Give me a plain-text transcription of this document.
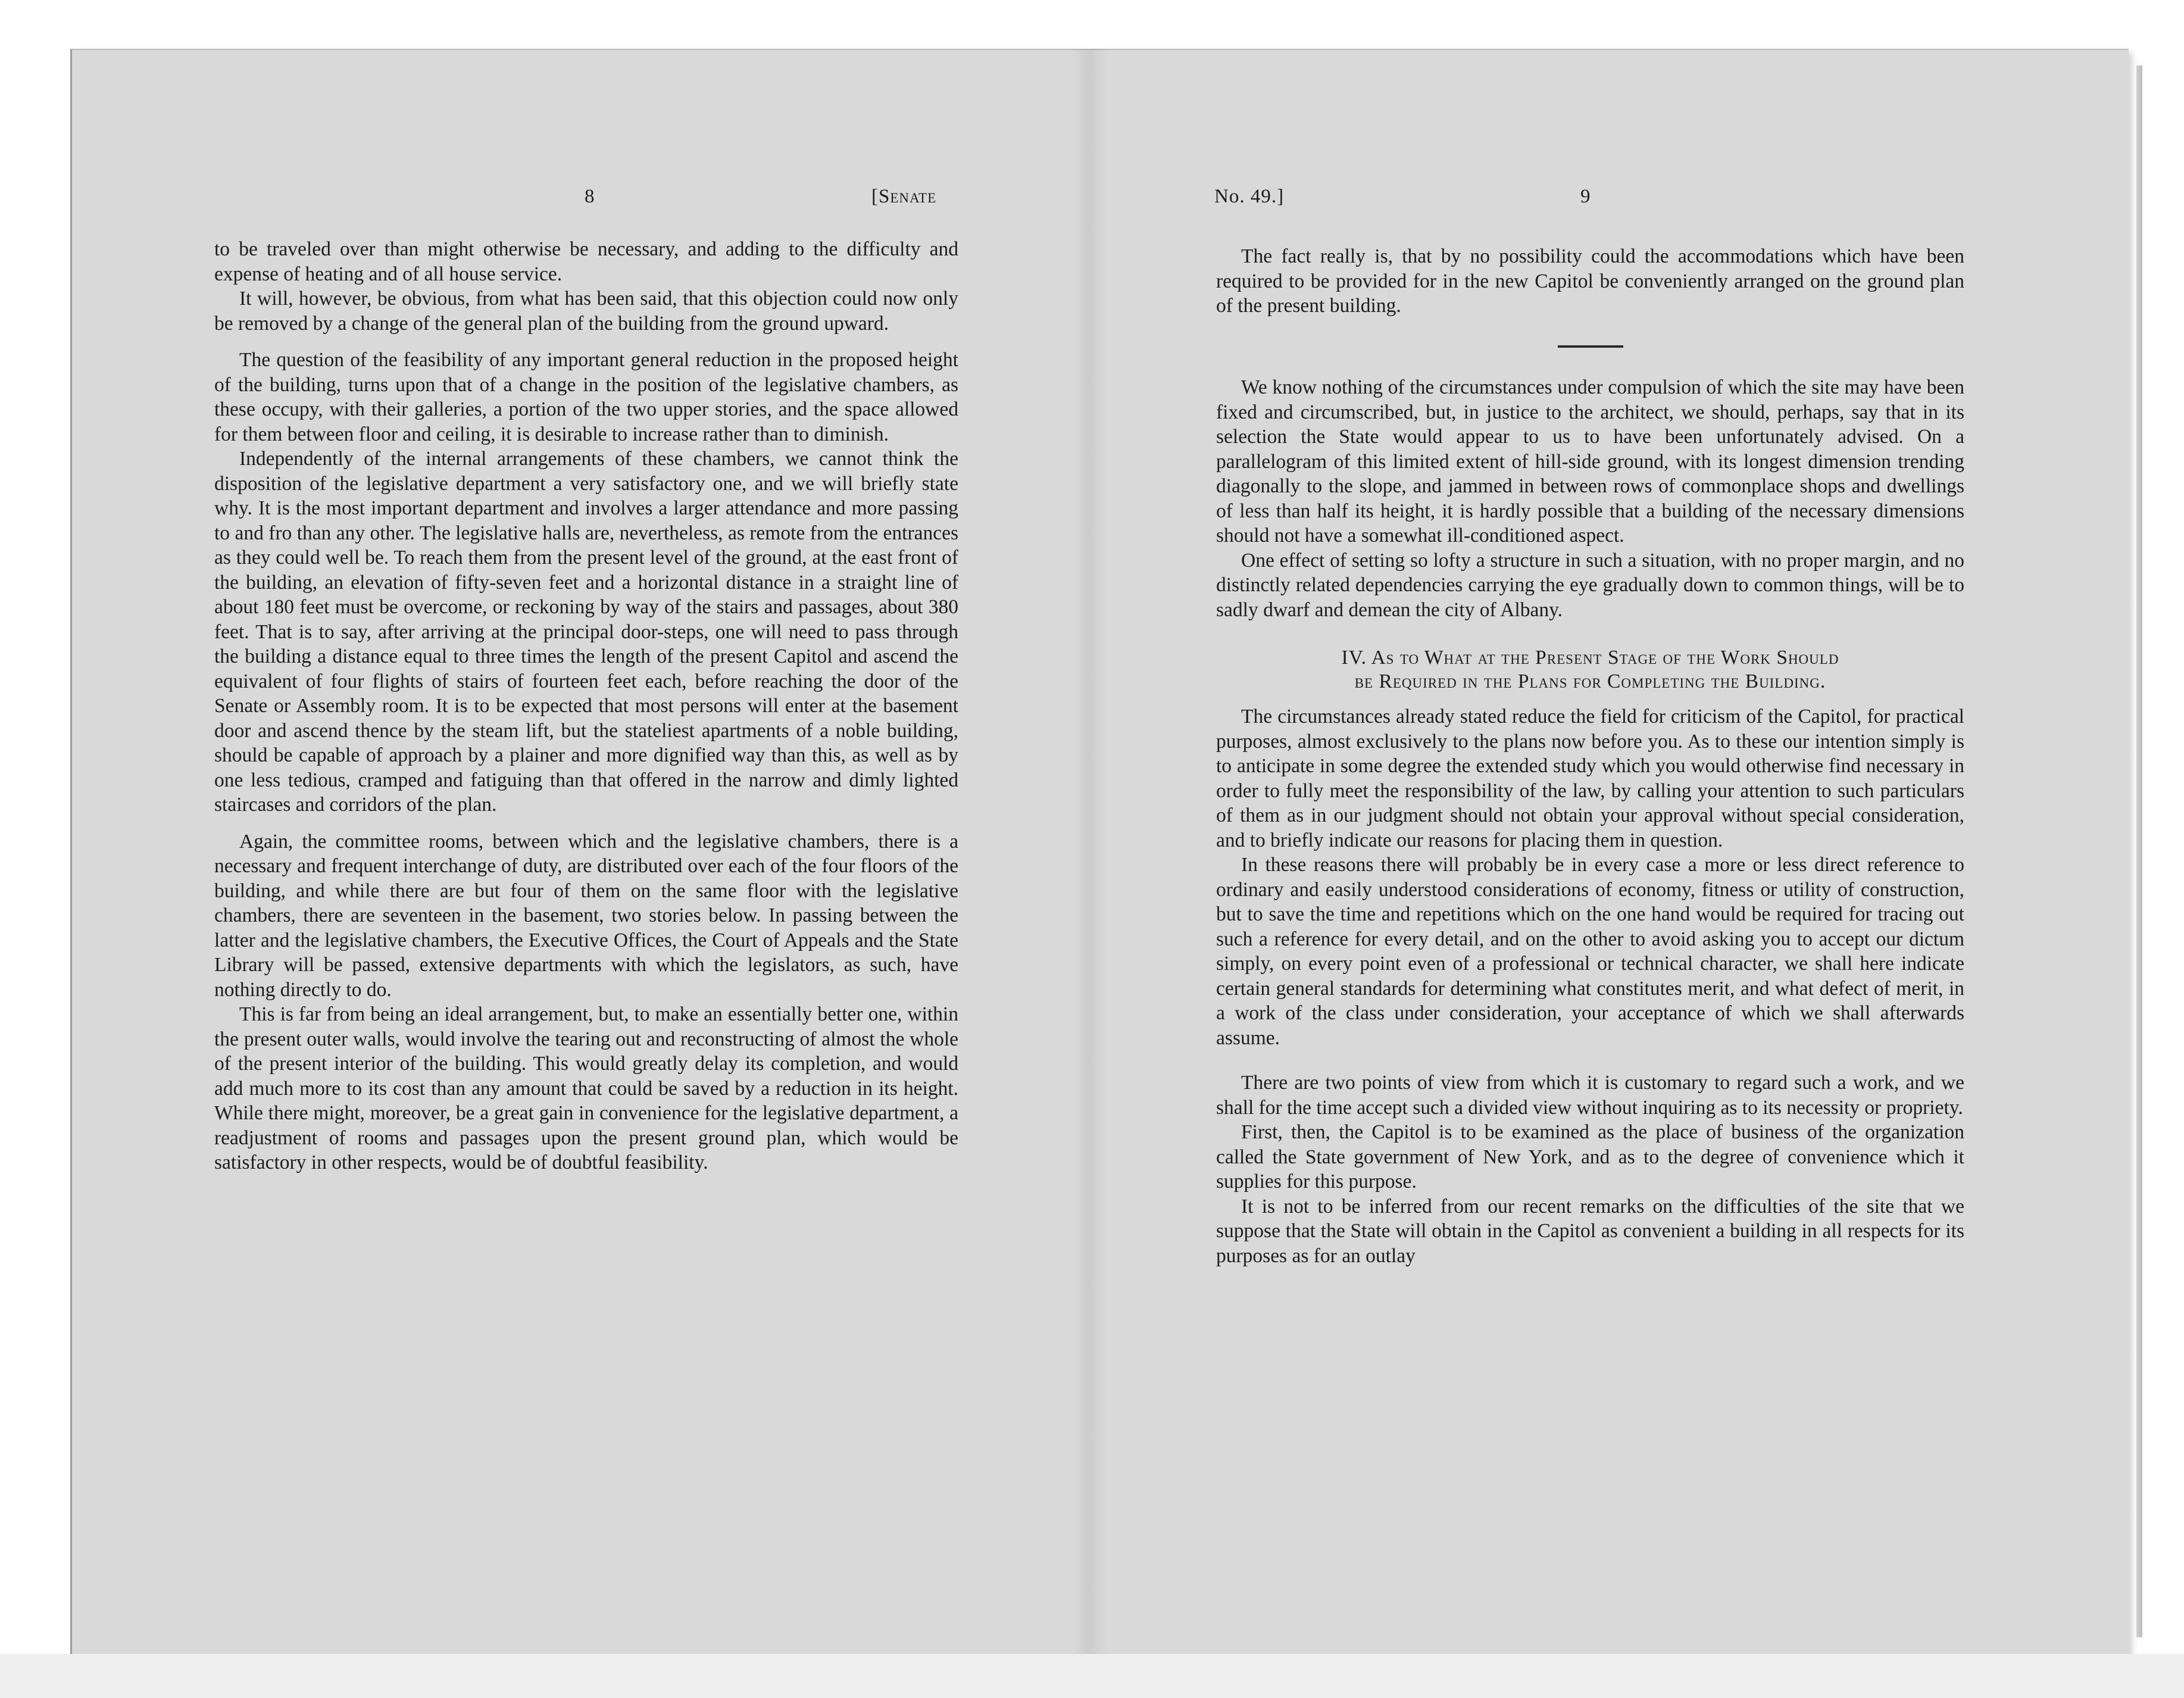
8	[Senate

to be traveled over than might otherwise be necessary, and adding to the difficulty and expense of heating and of all house service.

It will, however, be obvious, from what has been said, that this objection could now only be removed by a change of the general plan of the building from the ground upward.

The question of the feasibility of any important general reduction in the proposed height of the building, turns upon that of a change in the position of the legislative chambers, as these occupy, with their galleries, a portion of the two upper stories, and the space allowed for them between floor and ceiling, it is desirable to increase rather than to diminish.

Independently of the internal arrangements of these chambers, we cannot think the disposition of the legislative department a very satisfactory one, and we will briefly state why. It is the most important department and involves a larger attendance and more passing to and fro than any other. The legislative halls are, nevertheless, as remote from the entrances as they could well be. To reach them from the present level of the ground, at the east front of the building, an elevation of fifty-seven feet and a horizontal distance in a straight line of about 180 feet must be overcome, or reckoning by way of the stairs and passages, about 380 feet. That is to say, after arriving at the principal door-steps, one will need to pass through the building a distance equal to three times the length of the present Capitol and ascend the equivalent of four flights of stairs of fourteen feet each, before reaching the door of the Senate or Assembly room. It is to be expected that most persons will enter at the basement door and ascend thence by the steam lift, but the stateliest apartments of a noble building, should be capable of approach by a plainer and more dignified way than this, as well as by one less tedious, cramped and fatiguing than that offered in the narrow and dimly lighted staircases and corridors of the plan.

Again, the committee rooms, between which and the legislative chambers, there is a necessary and frequent interchange of duty, are distributed over each of the four floors of the building, and while there are but four of them on the same floor with the legislative chambers, there are seventeen in the basement, two stories below. In passing between the latter and the legislative chambers, the Executive Offices, the Court of Appeals and the State Library will be passed, extensive departments with which the legislators, as such, have nothing directly to do.

This is far from being an ideal arrangement, but, to make an essentially better one, within the present outer walls, would involve the tearing out and reconstructing of almost the whole of the present interior of the building. This would greatly delay its completion, and would add much more to its cost than any amount that could be saved by a reduction in its height. While there might, moreover, be a great gain in convenience for the legislative department, a readjustment of rooms and passages upon the present ground plan, which would be satisfactory in other respects, would be of doubtful feasibility.

No. 49.]	9

The fact really is, that by no possibility could the accommodations which have been required to be provided for in the new Capitol be conveniently arranged on the ground plan of the present building.

We know nothing of the circumstances under compulsion of which the site may have been fixed and circumscribed, but, in justice to the architect, we should, perhaps, say that in its selection the State would appear to us to have been unfortunately advised. On a parallelogram of this limited extent of hill-side ground, with its longest dimension trending diagonally to the slope, and jammed in between rows of commonplace shops and dwellings of less than half its height, it is hardly possible that a building of the necessary dimensions should not have a somewhat ill-conditioned aspect.

One effect of setting so lofty a structure in such a situation, with no proper margin, and no distinctly related dependencies carrying the eye gradually down to common things, will be to sadly dwarf and demean the city of Albany.

IV. As to What at the Present Stage of the Work Should
be Required in the Plans for Completing the Building.

The circumstances already stated reduce the field for criticism of the Capitol, for practical purposes, almost exclusively to the plans now before you. As to these our intention simply is to anticipate in some degree the extended study which you would otherwise find necessary in order to fully meet the responsibility of the law, by calling your attention to such particulars of them as in our judgment should not obtain your approval without special consideration, and to briefly indicate our reasons for placing them in question.

In these reasons there will probably be in every case a more or less direct reference to ordinary and easily understood considerations of economy, fitness or utility of construction, but to save the time and repetitions which on the one hand would be required for tracing out such a reference for every detail, and on the other to avoid asking you to accept our dictum simply, on every point even of a professional or technical character, we shall here indicate certain general standards for determining what constitutes merit, and what defect of merit, in a work of the class under consideration, your acceptance of which we shall afterwards assume.

There are two points of view from which it is customary to regard such a work, and we shall for the time accept such a divided view without inquiring as to its necessity or propriety.

First, then, the Capitol is to be examined as the place of business of the organization called the State government of New York, and as to the degree of convenience which it supplies for this purpose.

It is not to be inferred from our recent remarks on the difficulties of the site that we suppose that the State will obtain in the Capitol as convenient a building in all respects for its purposes as for an outlay
